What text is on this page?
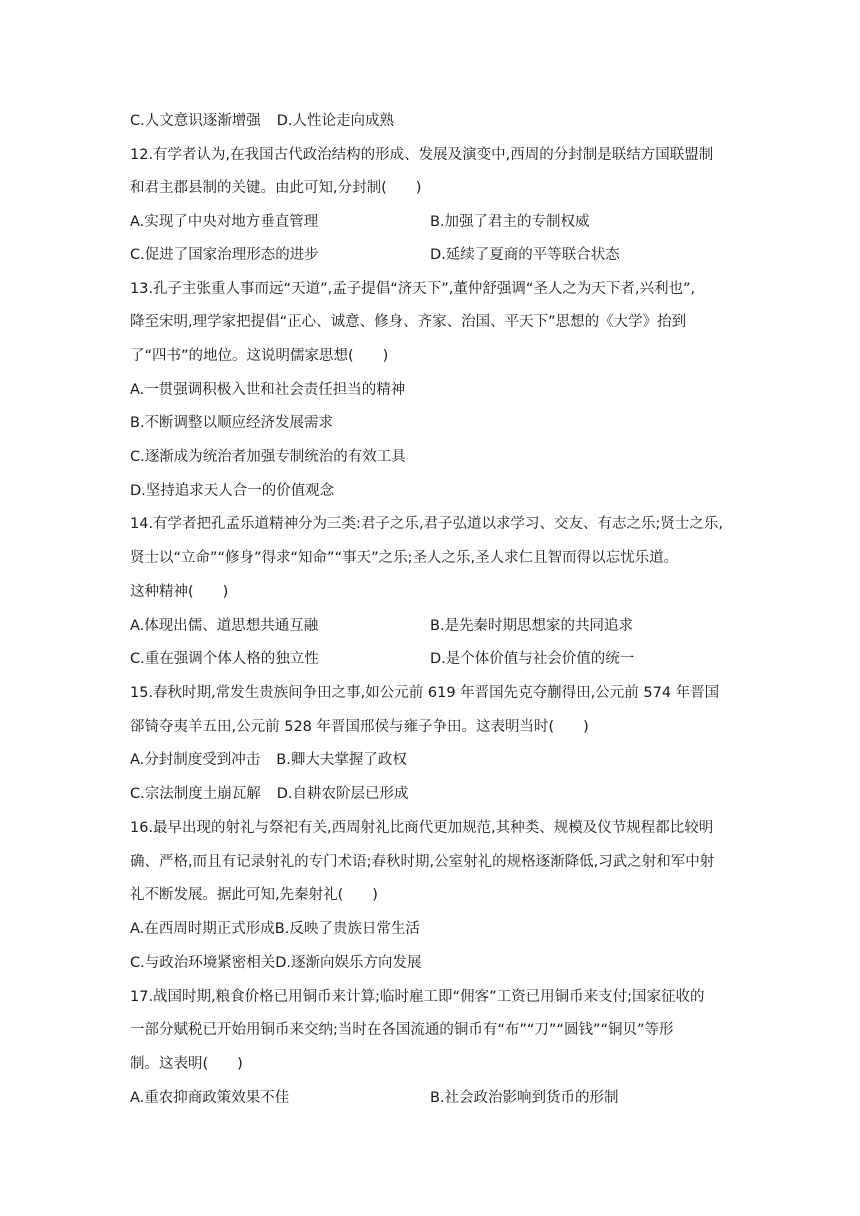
C.人文意识逐渐增强 D.人性论走向成熟
12.有学者认为,在我国古代政治结构的形成、发展及演变中,西周的分封制是联结方国联盟制
和君主郡县制的关键。由此可知,分封制(　　)
A.实现了中央对地方垂直管理	B.加强了君主的专制权威
C.促进了国家治理形态的进步	D.延续了夏商的平等联合状态
13.孔子主张重人事而远“天道”,孟子提倡“济天下”,董仲舒强调“圣人之为天下者,兴利也”,
降至宋明,理学家把提倡“正心、诚意、修身、齐家、治国、平天下”思想的《大学》抬到
了“四书”的地位。这说明儒家思想(　　)
A.一贯强调积极入世和社会责任担当的精神
B.不断调整以顺应经济发展需求
C.逐渐成为统治者加强专制统治的有效工具
D.坚持追求天人合一的价值观念
14.有学者把孔孟乐道精神分为三类:君子之乐,君子弘道以求学习、交友、有志之乐;贤士之乐,
贤士以“立命”“修身”得求“知命”“事天”之乐;圣人之乐,圣人求仁且智而得以忘忧乐道。
这种精神(　　)
A.体现出儒、道思想共通互融	B.是先秦时期思想家的共同追求
C.重在强调个体人格的独立性	D.是个体价值与社会价值的统一
15.春秋时期,常发生贵族间争田之事,如公元前 619 年晋国先克夺蒯得田,公元前 574 年晋国
郤锜夺夷羊五田,公元前 528 年晋国邢侯与雍子争田。这表明当时(　　)
A.分封制度受到冲击 B.卿大夫掌握了政权
C.宗法制度土崩瓦解 D.自耕农阶层已形成
16.最早出现的射礼与祭祀有关,西周射礼比商代更加规范,其种类、规模及仪节规程都比较明
确、严格,而且有记录射礼的专门术语;春秋时期,公室射礼的规格逐渐降低,习武之射和军中射
礼不断发展。据此可知,先秦射礼(　　)
A.在西周时期正式形成B.反映了贵族日常生活
C.与政治环境紧密相关D.逐渐向娱乐方向发展
17.战国时期,粮食价格已用铜币来计算;临时雇工即“佣客”工资已用铜币来支付;国家征收的
一部分赋税已开始用铜币来交纳;当时在各国流通的铜币有“布”“刀”“圆钱”“铜贝”等形
制。这表明(　　)
A.重农抑商政策效果不佳	B.社会政治影响到货币的形制
